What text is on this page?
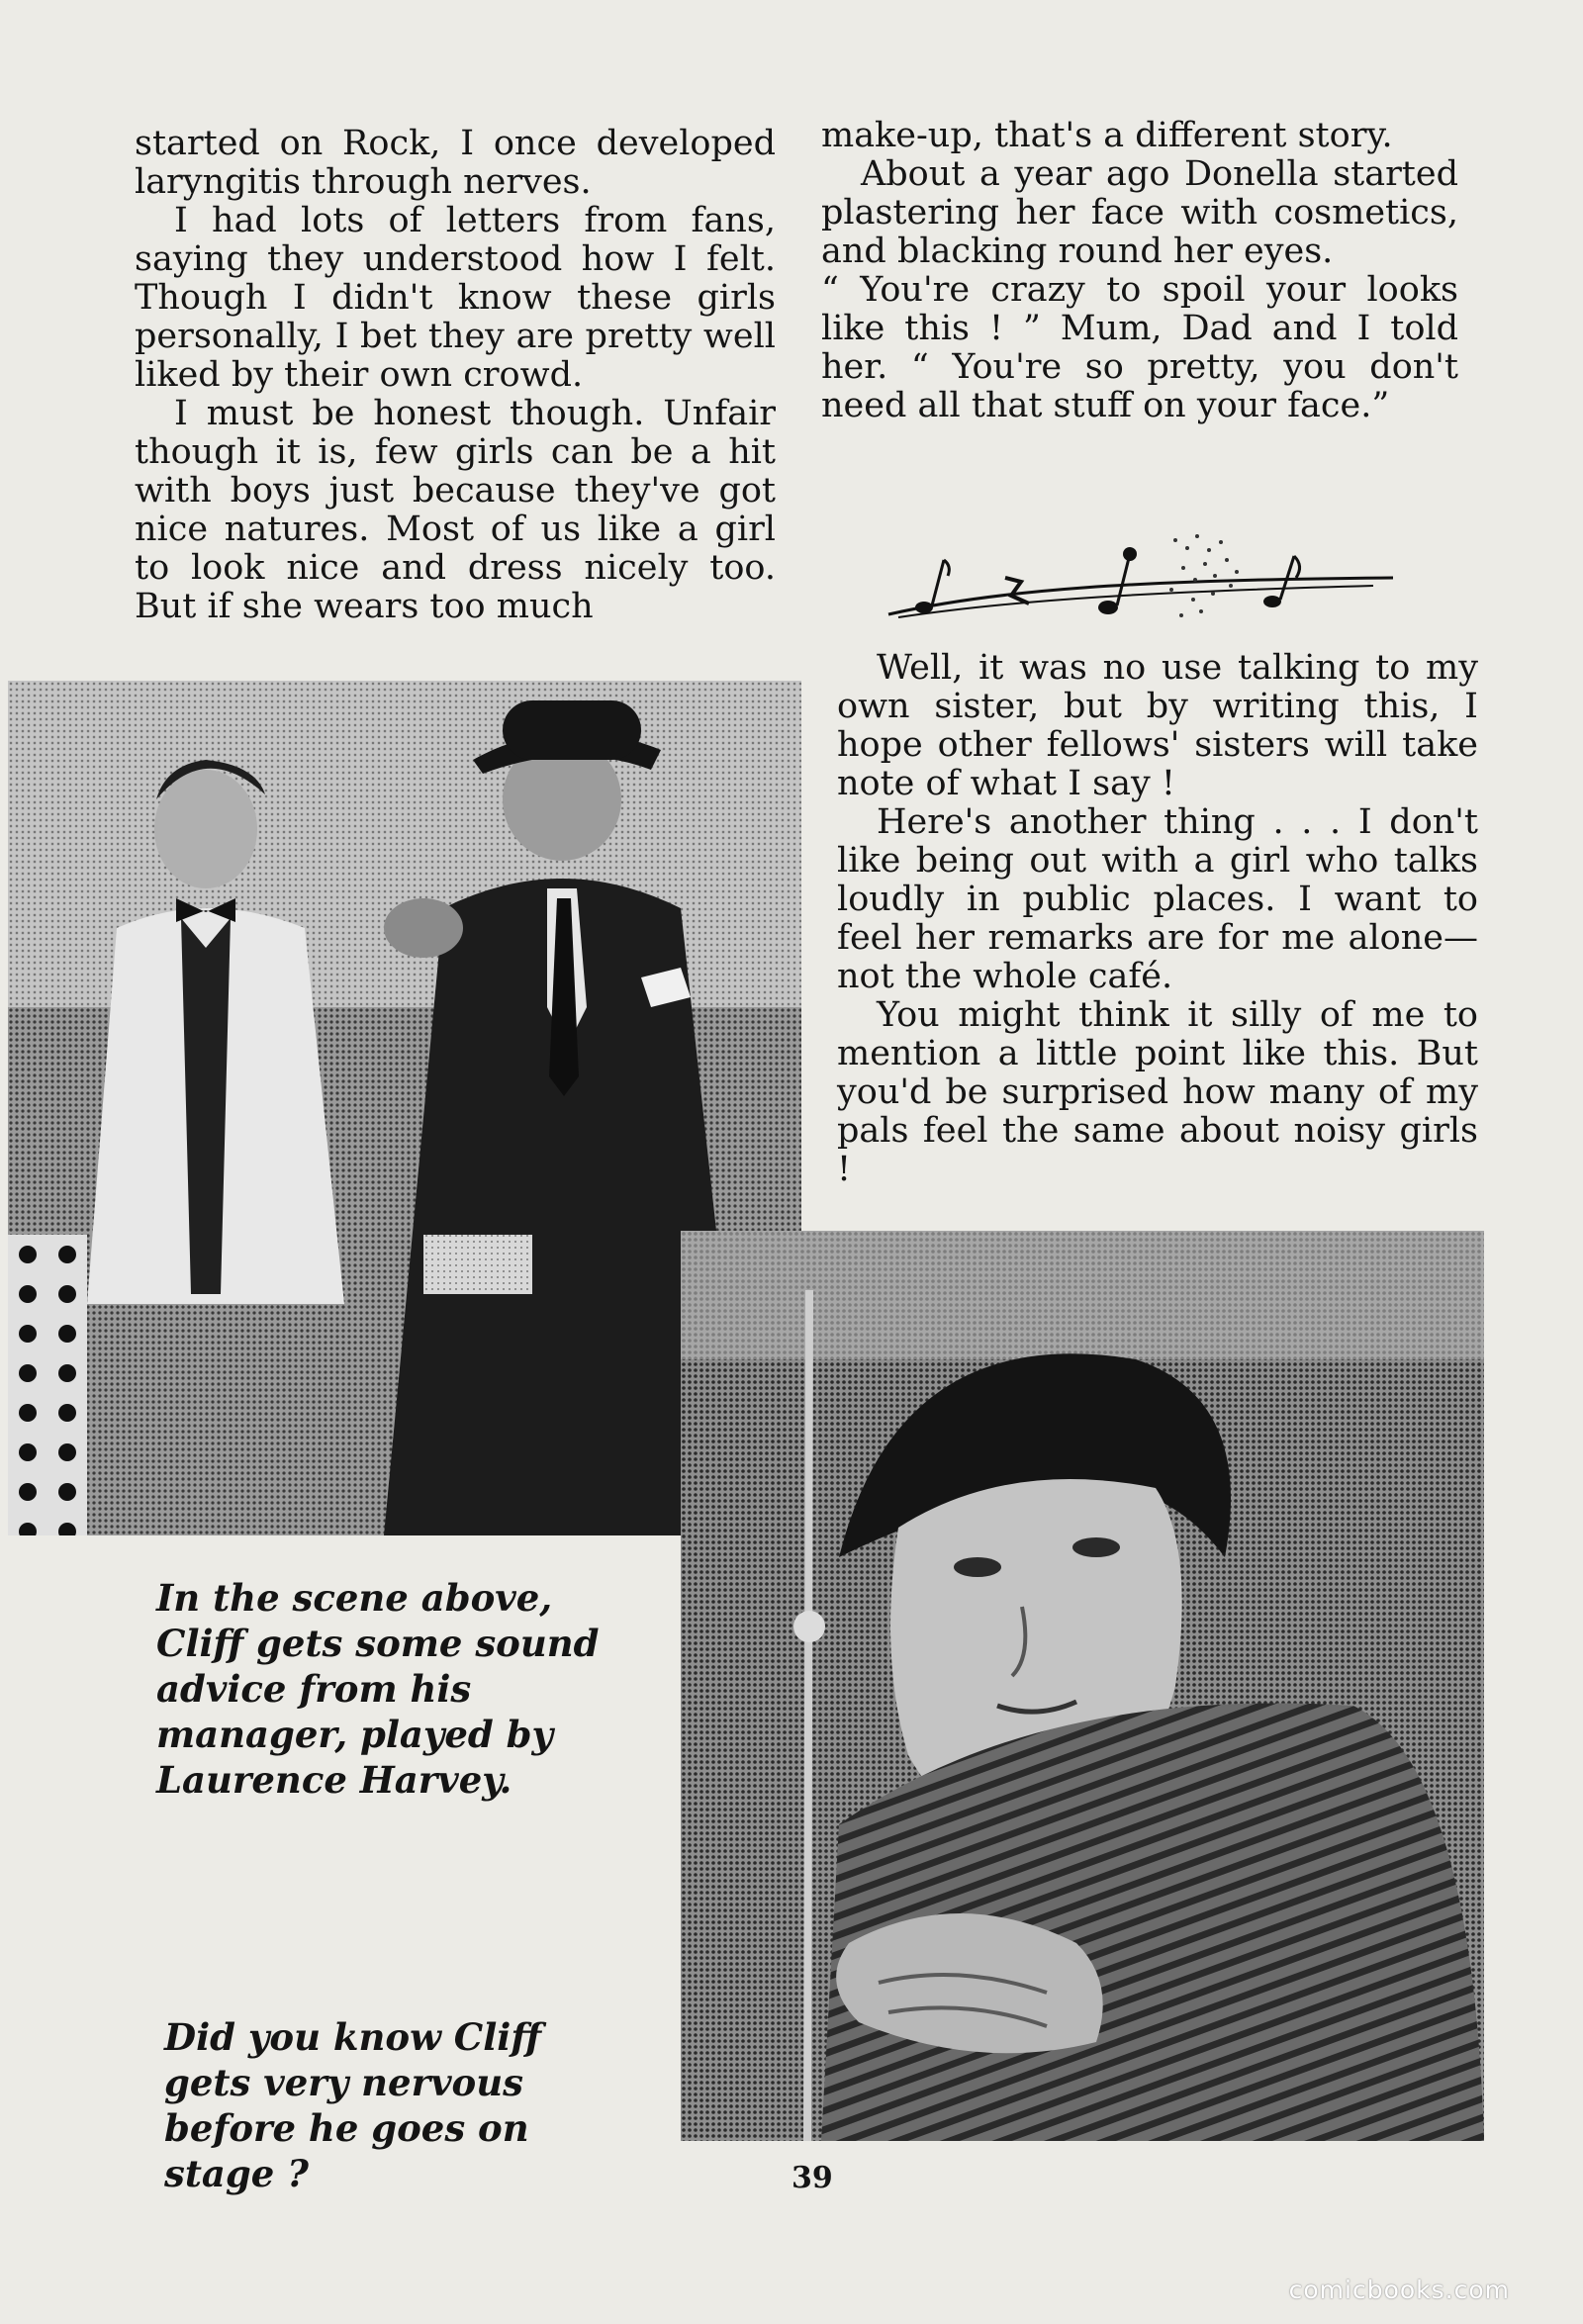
started on Rock, I once developed laryngitis through nerves.

I had lots of letters from fans, saying they understood how I felt. Though I didn't know these girls personally, I bet they are pretty well liked by their own crowd.

I must be honest though. Unfair though it is, few girls can be a hit with boys just because they've got nice natures. Most of us like a girl to look nice and dress nicely too. But if she wears too much

make-up, that's a different story.

About a year ago Donella started plastering her face with cosmetics, and blacking round her eyes.

“ You're crazy to spoil your looks like this ! ” Mum, Dad and I told her. “ You're so pretty, you don't need all that stuff on your face.”

Well, it was no use talking to my own sister, but by writing this, I hope other fellows' sisters will take note of what I say !

Here's another thing . . . I don't like being out with a girl who talks loudly in public places. I want to feel her remarks are for me alone—not the whole café.

You might think it silly of me to mention a little point like this. But you'd be surprised how many of my pals feel the same about noisy girls !

In the scene above, Cliff gets some sound advice from his manager, played by Laurence Harvey.
Did you know Cliff gets very nervous before he goes on stage ?	39
comicbooks.com
